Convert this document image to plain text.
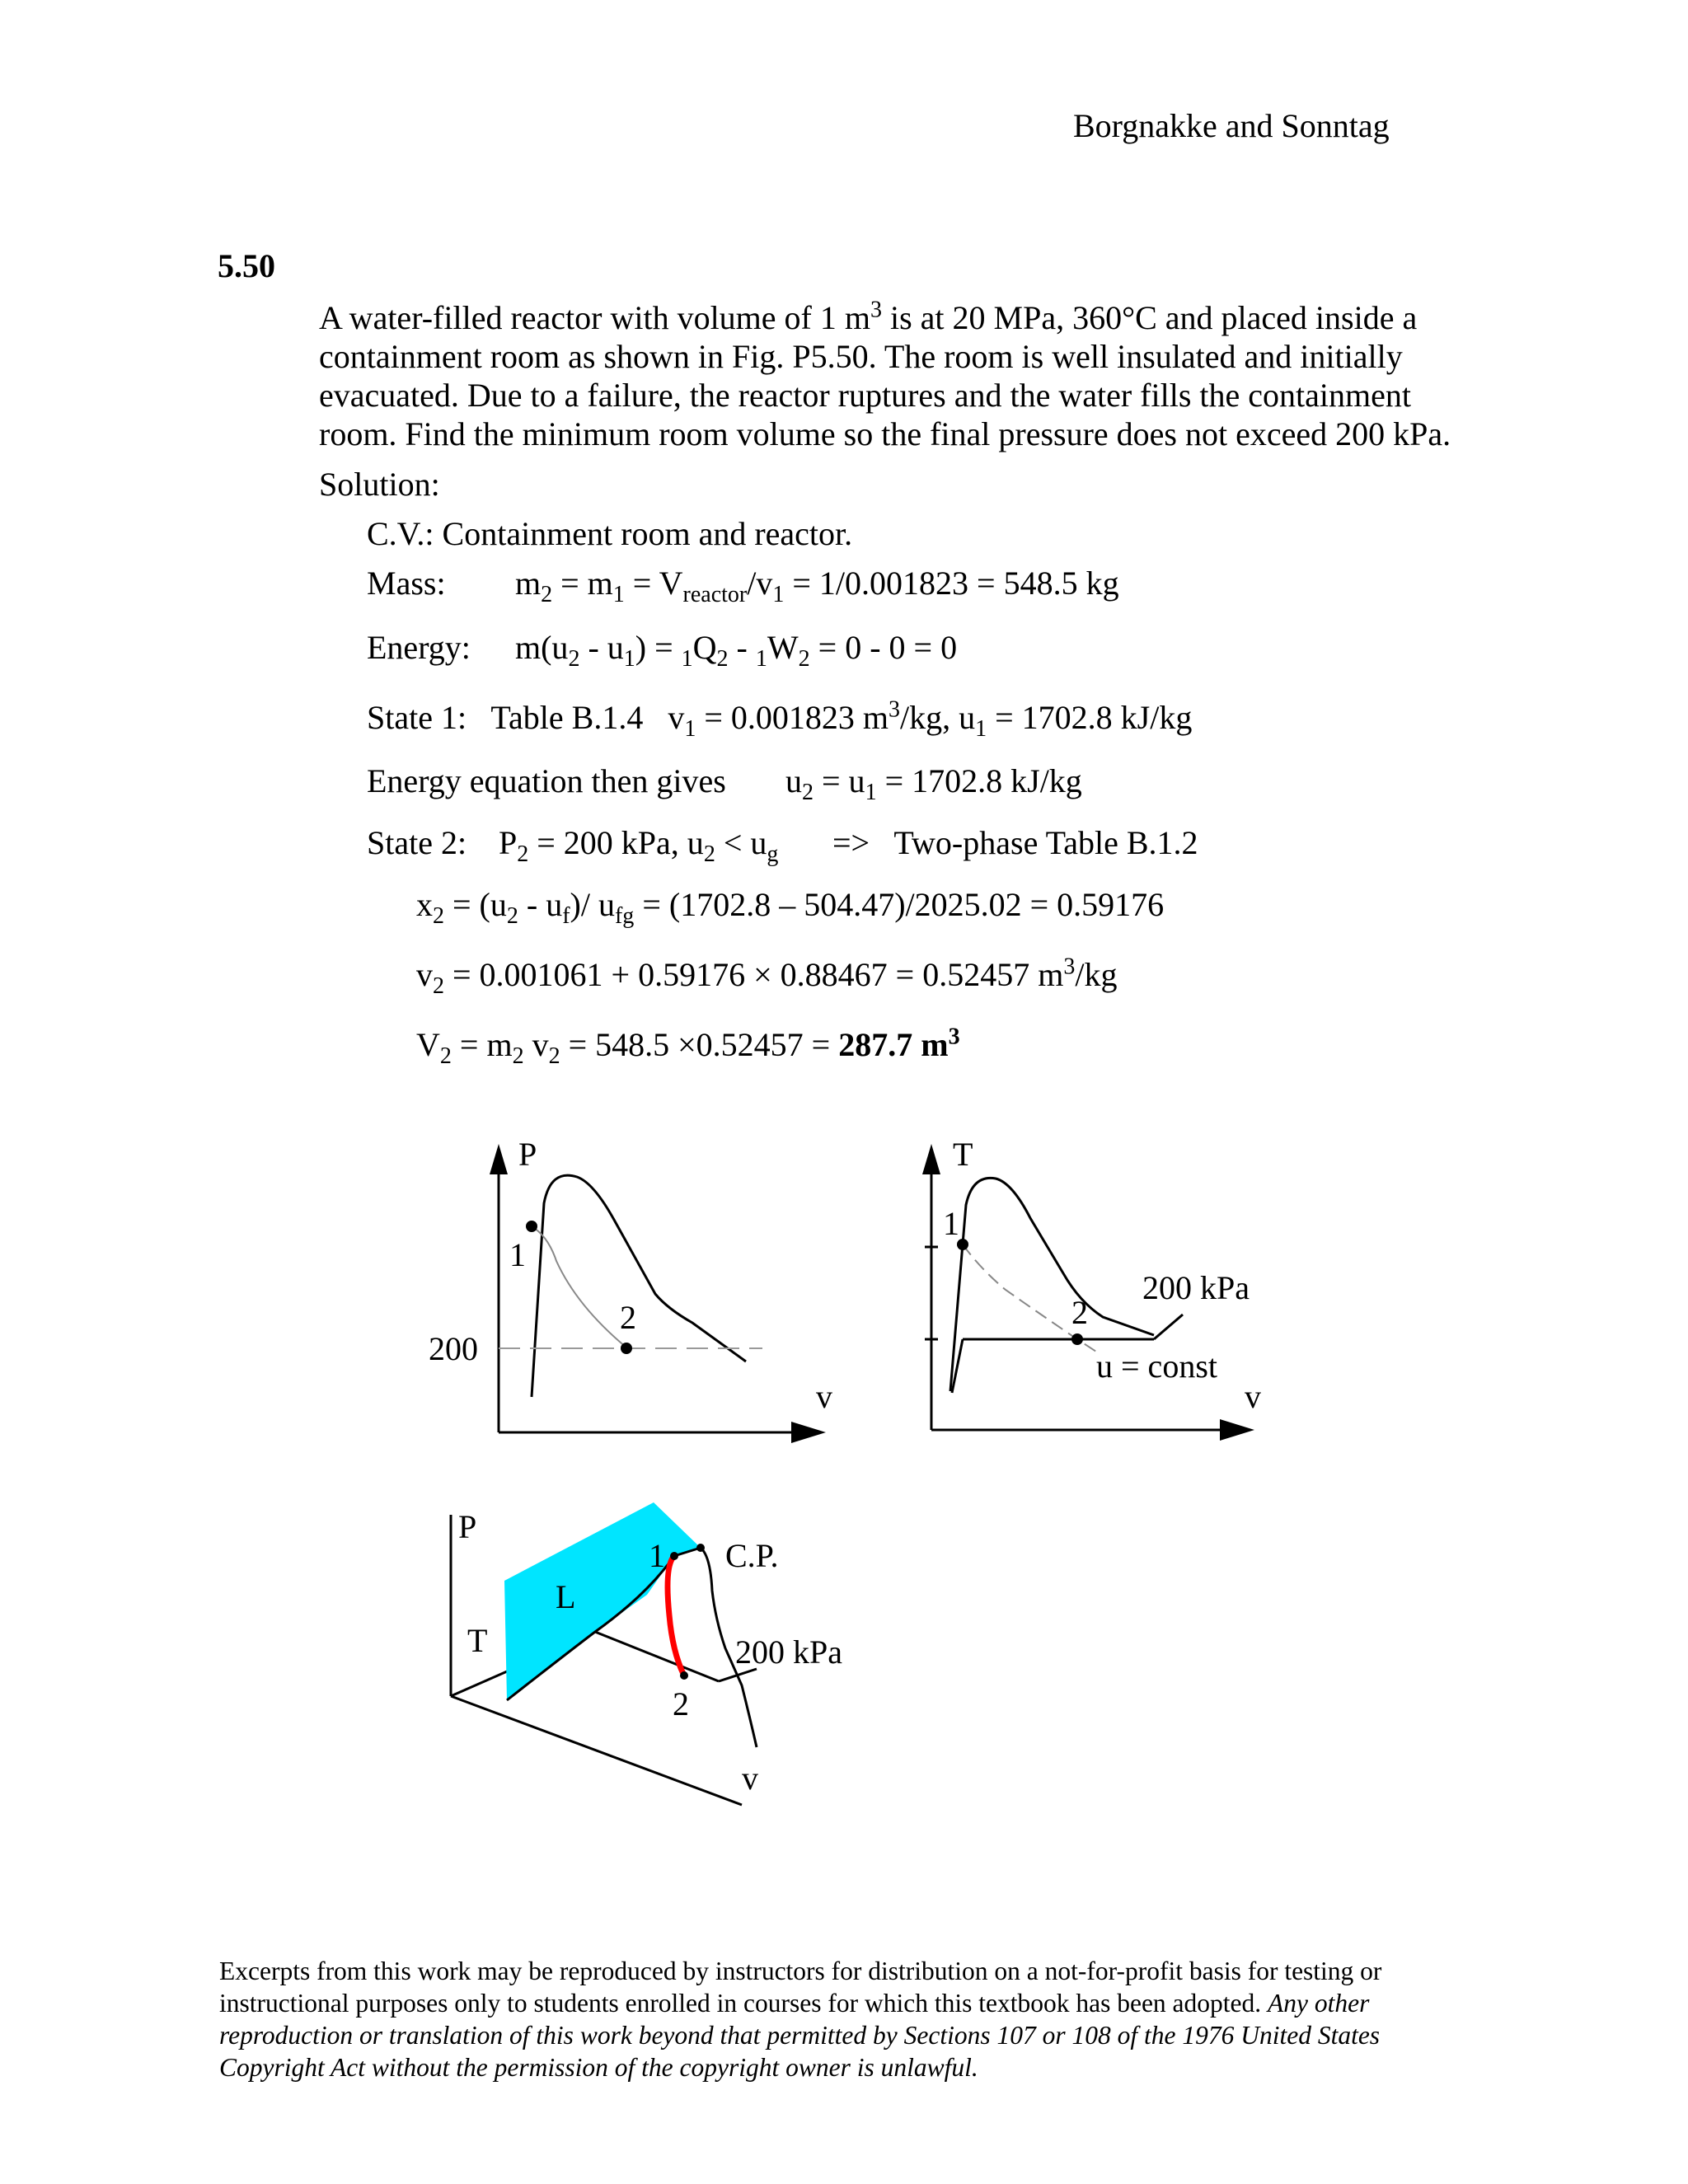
Borgnakke and Sonntag
5.50
A water-filled reactor with volume of 1 $m^3$ is at 20 MPa, 360°C and placed inside a containment room as shown in Fig. P5.50. The room is well insulated and initially evacuated. Due to a failure, the reactor ruptures and the water fills the containment room. Find the minimum room volume so the final pressure does not exceed 200 kPa.
Solution:
C.V.: Containment room and reactor.
Mass: $m_2 = m_1 = V_{reactor}/v_1 = 1/0.001823 = 548.5$ kg
Energy: $m(u_2 - u_1) = _1Q_2 - _1W_2 = 0 - 0 = 0$
State 1:   Table B.1.4 $v_1 = 0.001823$ $m^3/kg$, $u_1 = 1702.8$ kJ/kg
Energy equation then gives $u_2 = u_1 = 1702.8$ kJ/kg
State 2: $P_2 = 200$ kPa, $u_2 < u_g$ =>   Two-phase Table B.1.2
$x_2 = (u_2 - u_f)/$ $u_{fg} = (1702.8 - 504.47)/2025.02 = 0.59176$
$v_2 = 0.001061 + 0.59176 \times 0.88467 = 0.52457$ $m^3/kg$
$V_2 = m_2$ $v_2 = 548.5 \times 0.52457 = 287.7$ $m^3$
P
1
2
200
v
T
1
2
200 kPa
u = const
v
P
T
L
1 C.P.
200 kPa
2
v
Excerpts from this work may be reproduced by instructors for distribution on a not-for-profit basis for testing or instructional purposes only to students enrolled in courses for which this textbook has been adopted. Any other reproduction or translation of this work beyond that permitted by Sections 107 or 108 of the 1976 United States Copyright Act without the permission of the copyright owner is unlawful.
